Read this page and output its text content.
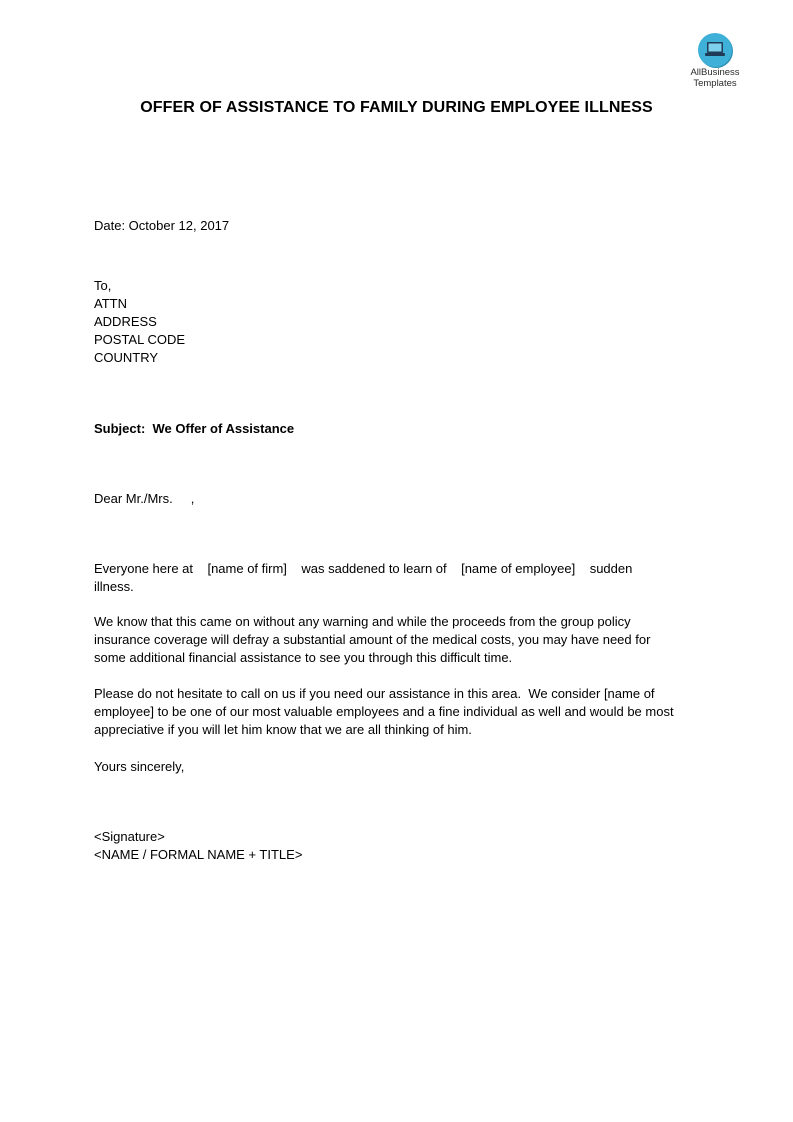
AllBusiness
Templates
OFFER OF ASSISTANCE TO FAMILY DURING EMPLOYEE ILLNESS
Date: October 12, 2017
To,
ATTN
ADDRESS
POSTAL CODE
COUNTRY
Subject:  We Offer of Assistance
Dear Mr./Mrs.     ,
Everyone here at    [name of firm]    was saddened to learn of    [name of employee]    sudden
illness.
We know that this came on without any warning and while the proceeds from the group policy
insurance coverage will defray a substantial amount of the medical costs, you may have need for
some additional financial assistance to see you through this difficult time.
Please do not hesitate to call on us if you need our assistance in this area.  We consider [name of
employee] to be one of our most valuable employees and a fine individual as well and would be most
appreciative if you will let him know that we are all thinking of him.
Yours sincerely,
<Signature>
<NAME / FORMAL NAME + TITLE>
